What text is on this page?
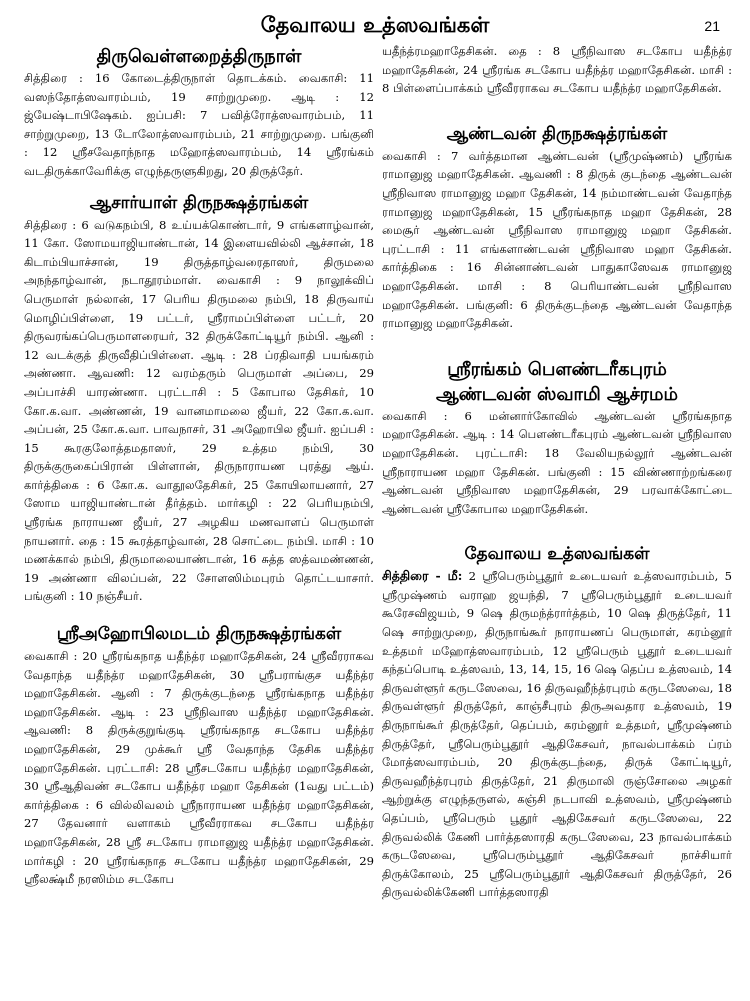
தேவாலய உத்ஸவங்கள்	21
திருவெள்ளறைத்திருநாள்

சித்திரை : 16 கோடைத்திருநாள் தொடக்கம். வைகாசி: 11 வஸந்தோத்ஸவாரம்பம், 19 சாற்றுமுறை. ஆடி : 12 ஜ்யேஷ்டாபிஷேகம். ஐப்பசி: 7 பவித்ரோத்ஸவாரம்பம், 11 சாற்றுமுறை, 13 டோலோத்ஸவாரம்பம், 21 சாற்றுமுறை. பங்குனி : 12 ஸ்ரீசவேதாந்நாத மஹோத்ஸவாரம்பம், 14 ஸ்ரீரங்கம் வடதிருக்காவேரிக்கு எழுந்தருளுகிறது, 20 திருத்தேர்.

ஆசார்யாள் திருநக்ஷத்ரங்கள்

சித்திரை : 6 வடுகநம்பி, 8 உய்யக்கொண்டார், 9 எங்களாழ்வான், 11 கோ. ஸோமயாஜியாண்டான், 14 இளையவில்லி ஆச்சான், 18 கிடாம்பியாச்சான், 19 திருத்தாழ்வரைதாஸர், திருமலை அநந்தாழ்வான், நடாதூரம்மாள். வைகாசி : 9 நாலூக்விப் பெருமாள் நல்லான், 17 பெரிய திருமலை நம்பி, 18 திருவாய் மொழிப்பிள்ளை, 19 பட்டர், ஸ்ரீராமப்பிள்ளை பட்டர், 20 திருவரங்கப்பெருமாளரையர், 32 திருக்கோட்டியூர் நம்பி. ஆனி : 12 வடக்குத் திருவீதிப்பிள்ளை. ஆடி : 28 ப்ரதிவாதி பயங்கரம் அண்ணா. ஆவணி: 12 வரம்தரும் பெருமாள் அப்பை, 29 அப்பாச்சி யாரண்ணா. புரட்டாசி : 5 கோபால தேசிகர், 10 கோ.க.வா. அண்ணன், 19 வானமாமலை ஜீயர், 22 கோ.க.வா. அப்பன், 25 கோ.க.வா. பாவநாசர், 31 அஹோபில ஜீயர். ஐப்பசி : 15 கூரகுலோத்தமதாஸர், 29 உத்தம நம்பி, 30 திருக்குருகைப்பிரான் பிள்ளான், திருநாராயண புரத்து ஆய். கார்த்திகை : 6 கோ.க. வாதூலதேசிகர், 25 கோயிலாயனார், 27 ஸோம யாஜியாண்டான் தீர்த்தம். மார்கழி : 22 பெரியநம்பி, ஸ்ரீரங்க நாராயண ஜீயர், 27 அழகிய மணவாளப் பெருமாள் நாயனார். தை : 15 கூரத்தாழ்வான், 28 சொட்டை நம்பி. மாசி : 10 மணக்கால் நம்பி, திருமாலையாண்டான், 16 சுத்த ஸத்வமண்ணன், 19 அண்ணா விலப்பன், 22 சோளஸிம்மபுரம் தொட்டயாசார். பங்குனி : 10 நஞ்சீயர்.

ஸ்ரீஅஹோபிலமடம் திருநக்ஷத்ரங்கள்

வைகாசி : 20 ஸ்ரீரங்கநாத யதீந்த்ர மஹாதேசிகன், 24 ஸ்ரீவீரராகவ வேதாந்த யதீந்த்ர மஹாதேசிகன், 30 ஸ்ரீபராங்குச யதீந்த்ர மஹாதேசிகன். ஆனி : 7 திருக்குடந்தை ஸ்ரீரங்கநாத யதீந்த்ர மஹாதேசிகன். ஆடி : 23 ஸ்ரீநிவாஸ யதீந்த்ர மஹாதேசிகன். ஆவணி: 8 திருக்குறுங்குடி ஸ்ரீரங்கநாத சடகோப யதீந்த்ர மஹாதேசிகன், 29 முக்கூர் ஸ்ரீ வேதாந்த தேசிக யதீந்த்ர மஹாதேசிகன். புரட்டாசி: 28 ஸ்ரீசடகோப யதீந்த்ர மஹாதேசிகன், 30 ஸ்ரீஆதிவண் சடகோப யதீந்த்ர மஹா தேசிகன் (1வது பட்டம்) கார்த்திகை : 6 வில்லிவலம் ஸ்ரீநாராயண யதீந்த்ர மஹாதேசிகன், 27 தேவனார் வளாகம் ஸ்ரீவீரராகவ சடகோப யதீந்த்ர மஹாதேசிகன், 28 ஸ்ரீ சடகோப ராமானுஜ யதீந்த்ர மஹாதேசிகன். மார்கழி : 20 ஸ்ரீரங்கநாத சடகோப யதீந்த்ர மஹாதேசிகன், 29 ஸ்ரீலக்ஷ்மீ நரஸிம்ம சடகோப

யதீந்த்ரமஹாதேசிகன். தை : 8 ஸ்ரீநிவாஸ சடகோப யதீந்த்ர மஹாதேசிகன், 24 ஸ்ரீரங்க சடகோப யதீந்த்ர மஹாதேசிகன். மாசி : 8 பிள்ளைப்பாக்கம் ஸ்ரீவீரராகவ சடகோப யதீந்த்ர மஹாதேசிகன்.

ஆண்டவன் திருநக்ஷத்ரங்கள்

வைகாசி : 7 வர்த்தமான ஆண்டவன் (ஸ்ரீமுஷ்ணம்) ஸ்ரீரங்க ராமானுஜ மஹாதேசிகன். ஆவணி : 8 திருக் குடந்தை ஆண்டவன் ஸ்ரீநிவாஸ ராமானுஜ மஹா தேசிகன், 14 நம்மாண்டவன் வேதாந்த ராமானுஜ மஹாதேசிகன், 15 ஸ்ரீரங்கநாத மஹா தேசிகன், 28 மைசூர் ஆண்டவன் ஸ்ரீநிவாஸ ராமானுஜ மஹா தேசிகன். புரட்டாசி : 11 எங்களாண்டவன் ஸ்ரீநிவாஸ மஹா தேசிகன். கார்த்திகை : 16 சின்னாண்டவன் பாதுகாஸேவக ராமானுஜ மஹாதேசிகன். மாசி : 8 பெரியாண்டவன் ஸ்ரீநிவாஸ மஹாதேசிகன். பங்குனி: 6 திருக்குடந்தை ஆண்டவன் வேதாந்த ராமானுஜ மஹாதேசிகன்.

ஸ்ரீரங்கம் பௌண்டரீகபுரம்
ஆண்டவன் ஸ்வாமி ஆச்ரமம்

வைகாசி : 6 மன்னார்கோவில் ஆண்டவன் ஸ்ரீரங்கநாத மஹாதேசிகன். ஆடி : 14 பௌண்டரீகபுரம் ஆண்டவன் ஸ்ரீநிவாஸ மஹாதேசிகன். புரட்டாசி: 18 வேலியநல்லூர் ஆண்டவன் ஸ்ரீநாராயண மஹா தேசிகன். பங்குனி : 15 விண்ணாற்றங்கரை ஆண்டவன் ஸ்ரீநிவாஸ மஹாதேசிகன், 29 பரவாக்கோட்டை ஆண்டவன் ஸ்ரீகோபால மஹாதேசிகன்.

தேவாலய உத்ஸவங்கள்

சித்திரை - மீ: 2 ஸ்ரீபெரும்பூதூர் உடையவர் உத்ஸவாரம்பம், 5 ஸ்ரீமுஷ்ணம் வராஹ ஜயந்தி, 7 ஸ்ரீபெரும்பூதூர் உடையவர் கூரேசவிஜயம், 9 ஷெ திருமந்த்ரார்த்தம், 10 ஷெ திருத்தேர், 11 ஷெ சாற்றுமுறை, திருநாங்கூர் நாராயணப் பெருமாள், கரம்னூர் உத்தமர் மஹோத்ஸவாரம்பம், 12 ஸ்ரீபெரும் பூதூர் உடையவர் கந்தப்பொடி உத்ஸவம், 13, 14, 15, 16 ஷெ தெப்ப உத்ஸவம், 14 திருவள்ளூர் கருடஸேவை, 16 திருவஹீந்த்ரபுரம் கருடஸேவை, 18 திருவள்ளூர் திருத்தேர், காஞ்சீபுரம் திருஅவதார உத்ஸவம், 19 திருநாங்கூர் திருத்தேர், தெப்பம், கரம்னூர் உத்தமர், ஸ்ரீமுஷ்ணம் திருத்தேர், ஸ்ரீபெரும்பூதூர் ஆதிகேசவர், நாவல்பாக்கம் ப்ரம் மோத்ஸவாரம்பம், 20 திருக்குடந்தை, திருக் கோட்டியூர், திருவஹீந்த்ரபுரம் திருத்தேர், 21 திருமாலி ருஞ்சோலை அழகர் ஆற்றுக்கு எழுந்தருளல், கஞ்சி நடபாவி உத்ஸவம், ஸ்ரீமுஷ்ணம் தெப்பம், ஸ்ரீபெரும் பூதூர் ஆதிகேசவர் கருடஸேவை, 22 திருவல்லிக் கேணி பார்த்தஸாரதி கருடஸேவை, 23 நாவல்பாக்கம் கருடஸேவை, ஸ்ரீபெரும்பூதூர் ஆதிகேசவர் நாச்சியார் திருக்கோலம், 25 ஸ்ரீபெரும்பூதூர் ஆதிகேசவர் திருத்தேர், 26 திருவல்லிக்கேணி பார்த்தஸாரதி
